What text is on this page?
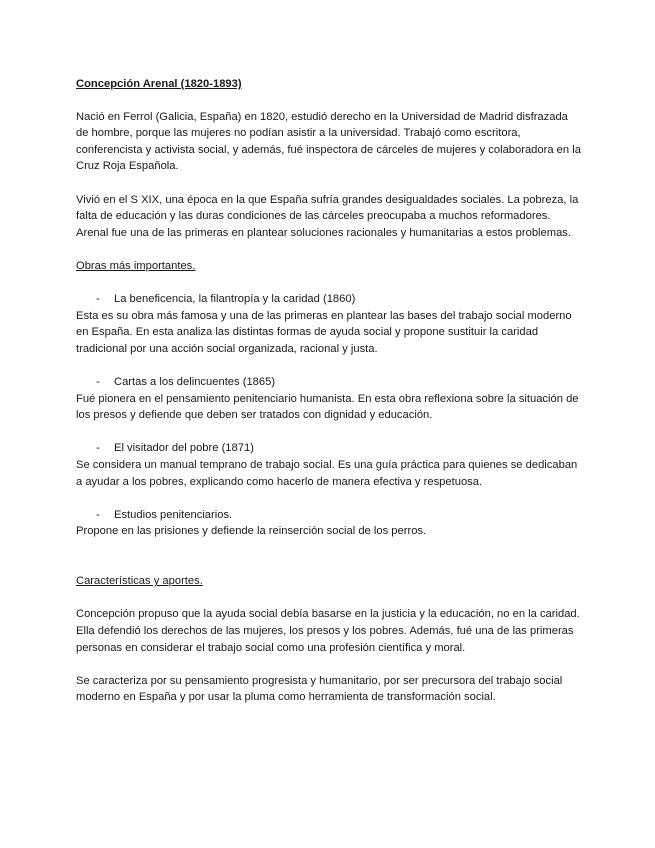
Concepción Arenal (1820-1893)

Nació en Ferrol (Galicia, España) en 1820, estudió derecho en la Universidad de Madrid disfrazada de hombre, porque las mujeres no podían asistir a la universidad. Trabajó como escritora, conferencista y activista social, y además, fué inspectora de cárceles de mujeres y colaboradora en la Cruz Roja Española.

Vivió en el S XIX, una época en la que España sufría grandes desigualdades sociales. La pobreza, la falta de educación y las duras condiciones de las cárceles preocupaba a muchos reformadores. Arenal fue una de las primeras en plantear soluciones racionales y humanitarias a estos problemas.

Obras más importantes.
- La beneficencia, la filantropía y la caridad (1860)

Esta es su obra más famosa y una de las primeras en plantear las bases del trabajo social moderno en España. En esta analiza las distintas formas de ayuda social y propone sustituir la caridad tradicional por una acción social organizada, racional y justa.

- Cartas a los delincuentes (1865)

Fué pionera en el pensamiento penitenciario humanista. En esta obra reflexiona sobre la situación de los presos y defiende que deben ser tratados con dignidad y educación.

- El visitador del pobre (1871)

Se considera un manual temprano de trabajo social. Es una guía práctica para quienes se dedicaban a ayudar a los pobres, explicando como hacerlo de manera efectiva y respetuosa.

- Estudios penitenciarios.

Propone en las prisiones y defiende la reinserción social de los perros.

Características y aportes.

Concepción propuso que la ayuda social debía basarse en la justicia y la educación, no en la caridad. Ella defendió los derechos de las mujeres, los presos y los pobres. Además, fué una de las primeras personas en considerar el trabajo social como una profesión científica y moral.

Se caracteriza por su pensamiento progresista y humanitario, por ser precursora del trabajo social moderno en España y por usar la pluma como herramienta de transformación social.
